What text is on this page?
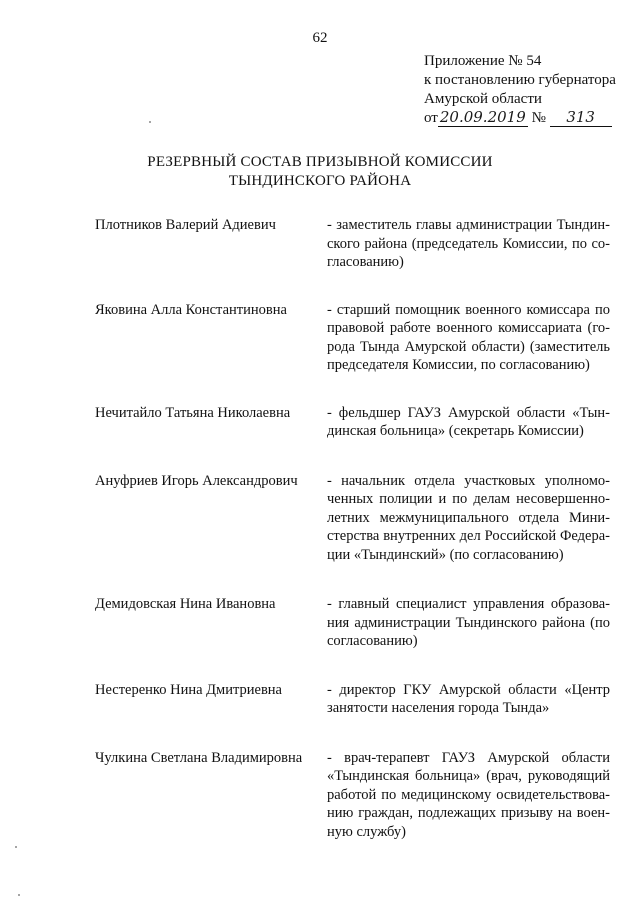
62
Приложение № 54
к постановлению губернатора
Амурской области
от 20.09.2019 № 313
РЕЗЕРВНЫЙ СОСТАВ ПРИЗЫВНОЙ КОМИССИИ
ТЫНДИНСКОГО РАЙОНА
Плотников Валерий Адиевич	- заместитель главы администрации Тындин-ского района (председатель Комиссии, по со-гласованию)
Яковина Алла Константиновна	- старший помощник военного комиссара по правовой работе военного комиссариата (го-рода Тында Амурской области) (заместитель председателя Комиссии, по согласованию)
Нечитайло Татьяна Николаевна	- фельдшер ГАУЗ Амурской области «Тын-динская больница» (секретарь Комиссии)
Ануфриев Игорь Александрович	- начальник отдела участковых уполномо-ченных полиции и по делам несовершенно-летних межмуниципального отдела Мини-стерства внутренних дел Российской Федера-ции «Тындинский» (по согласованию)
Демидовская Нина Ивановна	- главный специалист управления образова-ния администрации Тындинского района (по согласованию)
Нестеренко Нина Дмитриевна	- директор ГКУ Амурской области «Центр занятости населения города Тында»
Чулкина Светлана Владимировна	- врач-терапевт ГАУЗ Амурской области «Тындинская больница» (врач, руководящий работой по медицинскому освидетельствова-нию граждан, подлежащих призыву на воен-ную службу)
